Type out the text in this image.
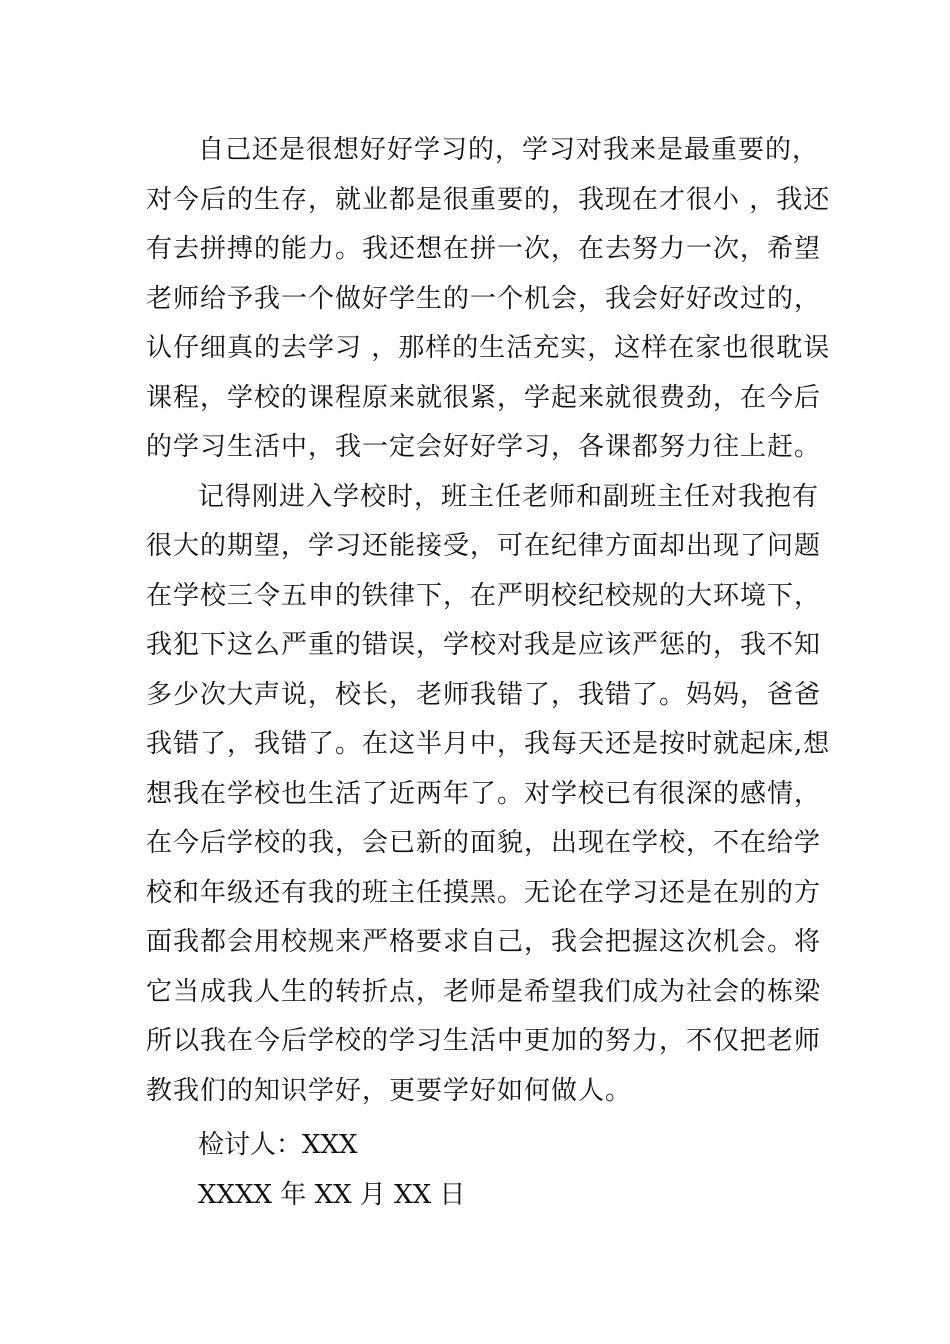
自己还是很想好好学习的，学习对我来是最重要的，
对今后的生存，就业都是很重要的，我现在才很小 ，我还
有去拼搏的能力。我还想在拼一次，在去努力一次，希望
老师给予我一个做好学生的一个机会，我会好好改过的，
认仔细真的去学习 ，那样的生活充实，这样在家也很耽误
课程，学校的课程原来就很紧，学起来就很费劲，在今后
的学习生活中，我一定会好好学习，各课都努力往上赶。
记得刚进入学校时，班主任老师和副班主任对我抱有
很大的期望，学习还能接受，可在纪律方面却出现了问题
在学校三令五申的铁律下，在严明校纪校规的大环境下，
我犯下这么严重的错误，学校对我是应该严惩的，我不知
多少次大声说，校长，老师我错了，我错了。妈妈，爸爸
我错了，我错了。在这半月中，我每天还是按时就起床,想
想我在学校也生活了近两年了。对学校已有很深的感情，
在今后学校的我，会已新的面貌，出现在学校，不在给学
校和年级还有我的班主任摸黑。无论在学习还是在别的方
面我都会用校规来严格要求自己，我会把握这次机会。将
它当成我人生的转折点，老师是希望我们成为社会的栋梁
所以我在今后学校的学习生活中更加的努力，不仅把老师
教我们的知识学好，更要学好如何做人。
检讨人：XXX
XXXX 年 XX 月 XX 日
